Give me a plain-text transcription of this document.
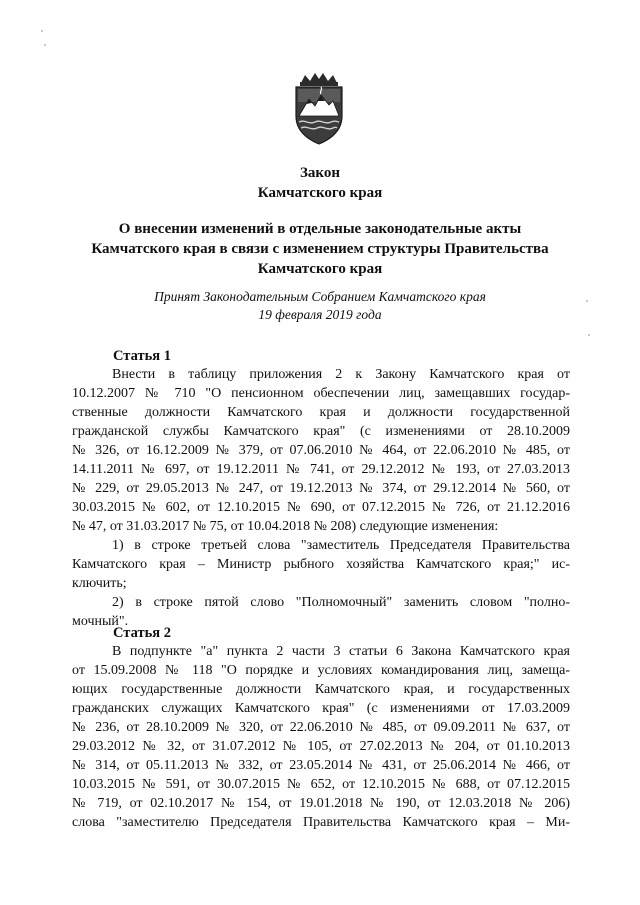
Закон
Камчатского края
О внесении изменений в отдельные законодательные акты
Камчатского края в связи с изменением структуры Правительства
Камчатского края
Принят Законодательным Собранием Камчатского края
19 февраля 2019 года
Статья 1
Внести в таблицу приложения 2 к Закону Камчатского края от
10.12.2007 № 710 "О пенсионном обеспечении лиц, замещавших государ-
ственные должности Камчатского края и должности государственной
гражданской службы Камчатского края" (с изменениями от 28.10.2009
№ 326, от 16.12.2009 № 379, от 07.06.2010 № 464, от 22.06.2010 № 485, от
14.11.2011 № 697, от 19.12.2011 № 741, от 29.12.2012 № 193, от 27.03.2013
№ 229, от 29.05.2013 № 247, от 19.12.2013 № 374, от 29.12.2014 № 560, от
30.03.2015 № 602, от 12.10.2015 № 690, от 07.12.2015 № 726, от 21.12.2016
№ 47, от 31.03.2017 № 75, от 10.04.2018 № 208) следующие изменения:
1) в строке третьей слова "заместитель Председателя Правительства
Камчатского края – Министр рыбного хозяйства Камчатского края;" ис-
ключить;
2) в строке пятой слово "Полномочный" заменить словом "полно-
мочный".
Статья 2
В подпункте "а" пункта 2 части 3 статьи 6 Закона Камчатского края
от 15.09.2008 № 118 "О порядке и условиях командирования лиц, замеща-
ющих государственные должности Камчатского края, и государственных
гражданских служащих Камчатского края" (с изменениями от 17.03.2009
№ 236, от 28.10.2009 № 320, от 22.06.2010 № 485, от 09.09.2011 № 637, от
29.03.2012 № 32, от 31.07.2012 № 105, от 27.02.2013 № 204, от 01.10.2013
№ 314, от 05.11.2013 № 332, от 23.05.2014 № 431, от 25.06.2014 № 466, от
10.03.2015 № 591, от 30.07.2015 № 652, от 12.10.2015 № 688, от 07.12.2015
№ 719, от 02.10.2017 № 154, от 19.01.2018 № 190, от 12.03.2018 № 206)
слова "заместителю Председателя Правительства Камчатского края – Ми-
